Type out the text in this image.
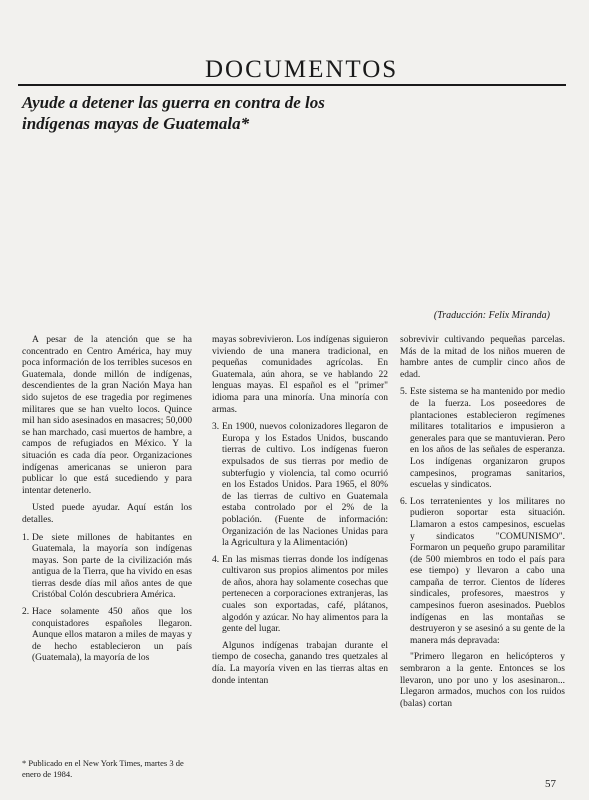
DOCUMENTOS
Ayude a detener las guerra en contra de los
indígenas mayas de Guatemala*
(Traducción: Felix Miranda)

A pesar de la atención que se ha concentrado en Centro América, hay muy poca información de los terribles sucesos en Guatemala, donde millón de indígenas, descendientes de la gran Nación Maya han sido sujetos de ese tragedia por regimenes militares que se han vuelto locos. Quince mil han sido asesinados en masacres; 50,000 se han marchado, casi muertos de hambre, a campos de refugiados en México. Y la situación es cada día peor. Organizaciones indígenas americanas se unieron para publicar lo que está sucediendo y para intentar detenerlo.

Usted puede ayudar. Aquí están los detalles.

1. De siete millones de habitantes en Guatemala, la mayoría son indígenas mayas. Son parte de la civilización más antigua de la Tierra, que ha vivido en esas tierras desde días mil años antes de que Cristóbal Colón descubriera América.
2. Hace solamente 450 años que los conquistadores españoles llegaron. Aunque ellos mataron a miles de mayas y de hecho establecieron un país (Guatemala), la mayoría de los

mayas sobrevivieron. Los indígenas siguieron viviendo de una manera tradicional, en pequeñas comunidades agrícolas. En Guatemala, aún ahora, se ve hablando 22 lenguas mayas. El español es el "primer" idioma para una minoría. Una minoría con armas.

3. En 1900, nuevos colonizadores llegaron de Europa y los Estados Unidos, buscando tierras de cultivo. Los indígenas fueron expulsados de sus tierras por medio de subterfugio y violencia, tal como ocurrió en los Estados Unidos. Para 1965, el 80% de las tierras de cultivo en Guatemala estaba controlado por el 2% de la población. (Fuente de información: Organización de las Naciones Unidas para la Agricultura y la Alimentación)
4. En las mismas tierras donde los indígenas cultivaron sus propios alimentos por miles de años, ahora hay solamente cosechas que pertenecen a corporaciones extranjeras, las cuales son exportadas, café, plátanos, algodón y azúcar. No hay alimentos para la gente del lugar.

Algunos indígenas trabajan durante el tiempo de cosecha, ganando tres quetzales al día. La mayoría viven en las tierras altas en donde intentan

sobrevivir cultivando pequeñas parcelas. Más de la mitad de los niños mueren de hambre antes de cumplir cinco años de edad.

5. Este sistema se ha mantenido por medio de la fuerza. Los poseedores de plantaciones establecieron regímenes militares totalitarios e impusieron a generales para que se mantuvieran. Pero en los años de las señales de esperanza. Los indígenas organizaron grupos campesinos, programas sanitarios, escuelas y sindicatos.
6. Los terratenientes y los militares no pudieron soportar esta situación. Llamaron a estos campesinos, escuelas y sindicatos "COMUNISMO". Formaron un pequeño grupo paramilitar (de 500 miembros en todo el país para ese tiempo) y llevaron a cabo una campaña de terror. Cientos de líderes sindicales, profesores, maestros y campesinos fueron asesinados. Pueblos indígenas en las montañas se destruyeron y se asesinó a su gente de la manera más depravada:

"Primero llegaron en helicópteros y sembraron a la gente. Entonces se los llevaron, uno por uno y los asesinaron... Llegaron armados, muchos con los ruidos (balas) cortan

* Publicado en el New York Times, martes 3 de enero de 1984.
57
